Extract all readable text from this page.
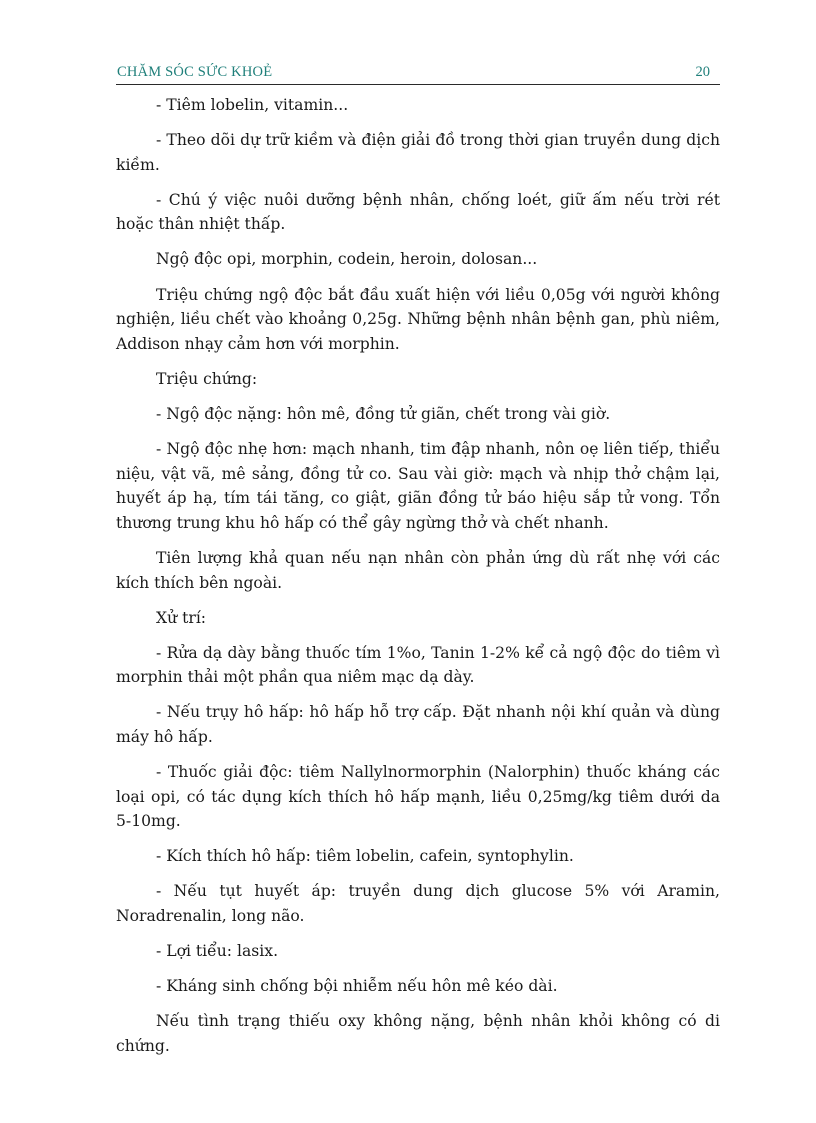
CHĂM SÓC SỨC KHOẺ	20

- Tiêm lobelin, vitamin...

- Theo dõi dự trữ kiềm và điện giải đồ trong thời gian truyền dung dịch kiềm.

- Chú ý việc nuôi dưỡng bệnh nhân, chống loét, giữ ấm nếu trời rét hoặc thân nhiệt thấp.

Ngộ độc opi, morphin, codein, heroin, dolosan...

Triệu chứng ngộ độc bắt đầu xuất hiện với liều 0,05g với người không nghiện, liều chết vào khoảng 0,25g. Những bệnh nhân bệnh gan, phù niêm, Addison nhạy cảm hơn với morphin.

Triệu chứng:

- Ngộ độc nặng: hôn mê, đồng tử giãn, chết trong vài giờ.

- Ngộ độc nhẹ hơn: mạch nhanh, tim đập nhanh, nôn oẹ liên tiếp, thiểu niệu, vật vã, mê sảng, đồng tử co. Sau vài giờ: mạch và nhịp thở chậm lại, huyết áp hạ, tím tái tăng, co giật, giãn đồng tử báo hiệu sắp tử vong. Tổn thương trung khu hô hấp có thể gây ngừng thở và chết nhanh.

Tiên lượng khả quan nếu nạn nhân còn phản ứng dù rất nhẹ với các kích thích bên ngoài.

Xử trí:

- Rửa dạ dày bằng thuốc tím 1%o, Tanin 1-2% kể cả ngộ độc do tiêm vì morphin thải một phần qua niêm mạc dạ dày.

- Nếu trụy hô hấp: hô hấp hỗ trợ cấp. Đặt nhanh nội khí quản và dùng máy hô hấp.

- Thuốc giải độc: tiêm Nallylnormorphin (Nalorphin) thuốc kháng các loại opi, có tác dụng kích thích hô hấp mạnh, liều 0,25mg/kg tiêm dưới da 5-10mg.

- Kích thích hô hấp: tiêm lobelin, cafein, syntophylin.

- Nếu tụt huyết áp: truyền dung dịch glucose 5% với Aramin, Noradrenalin, long não.

- Lợi tiểu: lasix.

- Kháng sinh chống bội nhiễm nếu hôn mê kéo dài.

Nếu tình trạng thiếu oxy không nặng, bệnh nhân khỏi không có di chứng.
